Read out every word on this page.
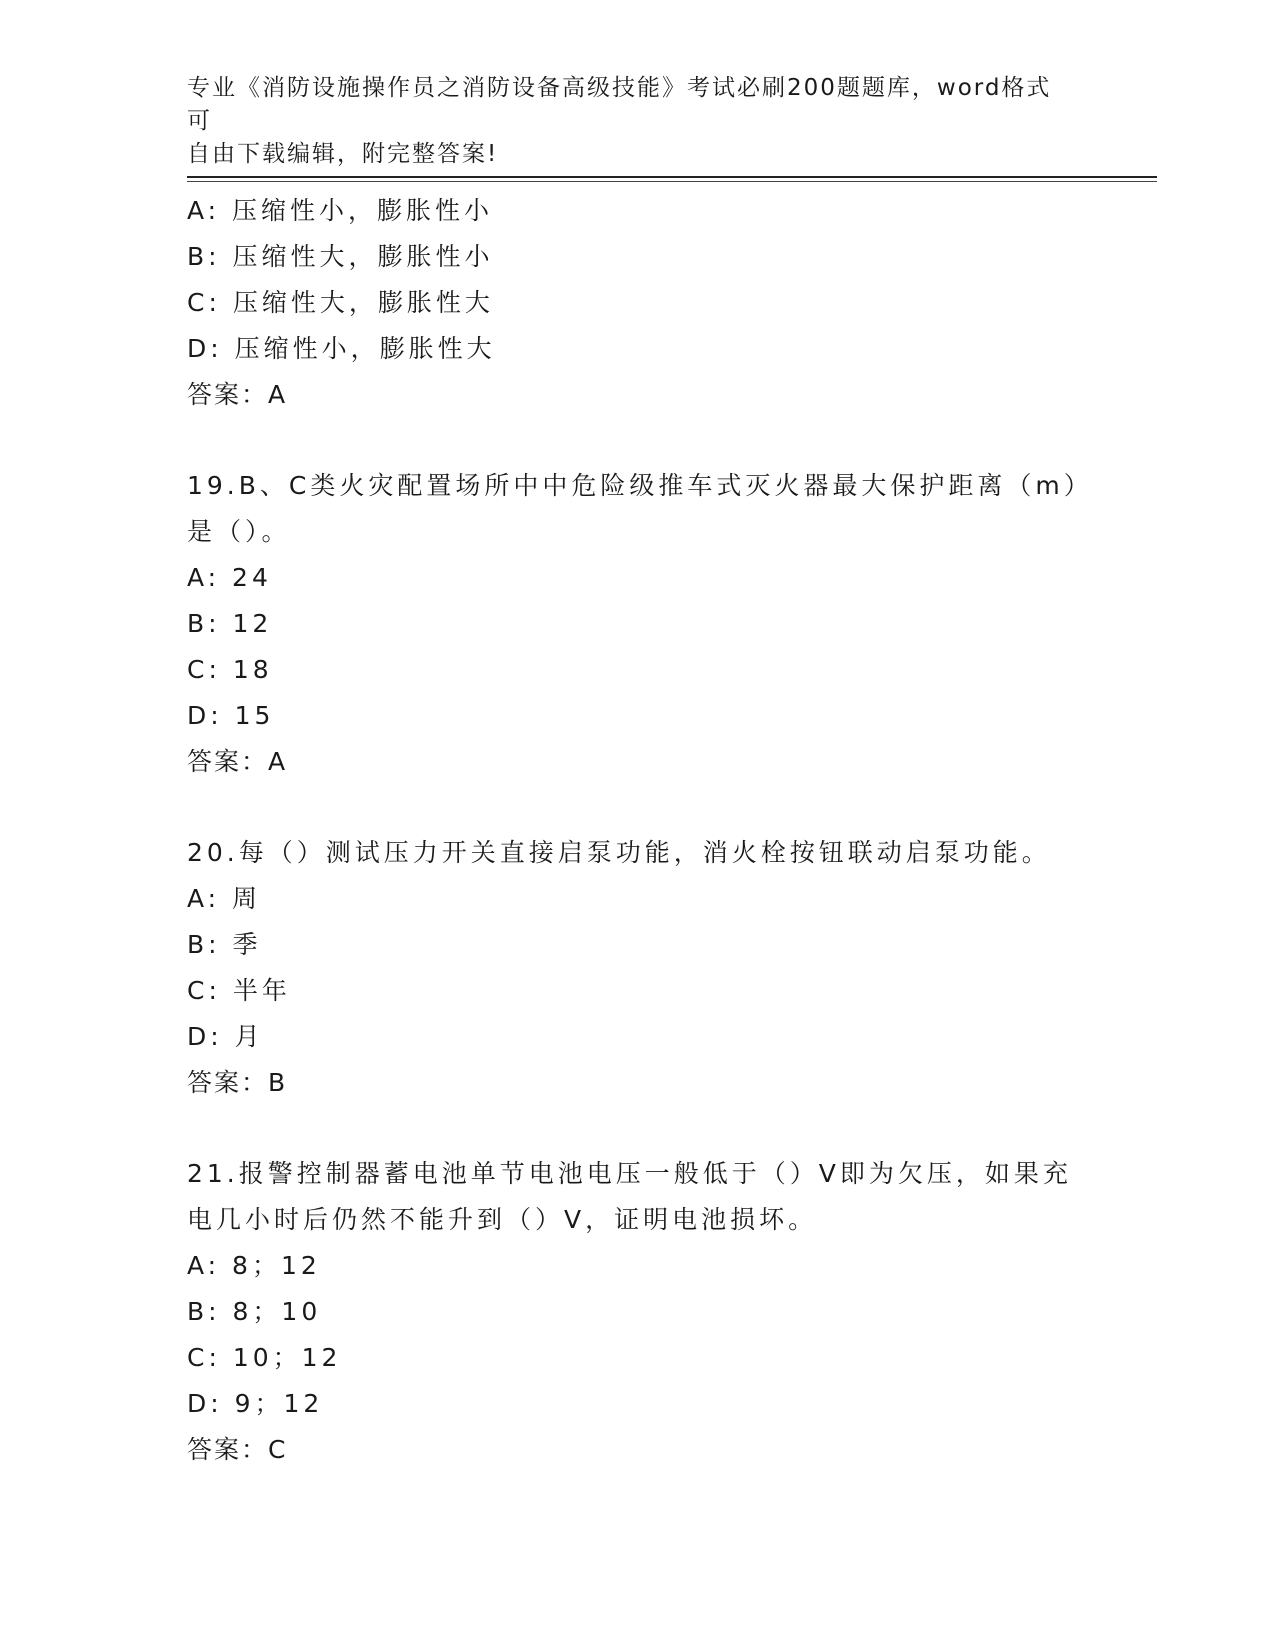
专业《消防设施操作员之消防设备高级技能》考试必刷200题题库，word格式可
自由下载编辑，附完整答案!
A: 压缩性小，膨胀性小
B: 压缩性大，膨胀性小
C: 压缩性大，膨胀性大
D: 压缩性小，膨胀性大
答案：A
19.B、C类火灾配置场所中中危险级推车式灭火器最大保护距离（m）
是（）。
A: 24
B: 12
C: 18
D: 15
答案：A
20.每（）测试压力开关直接启泵功能，消火栓按钮联动启泵功能。
A: 周
B: 季
C: 半年
D: 月
答案：B
21.报警控制器蓄电池单节电池电压一般低于（）V即为欠压，如果充
电几小时后仍然不能升到（）V，证明电池损坏。
A: 8；12
B: 8；10
C: 10；12
D: 9；12
答案：C
